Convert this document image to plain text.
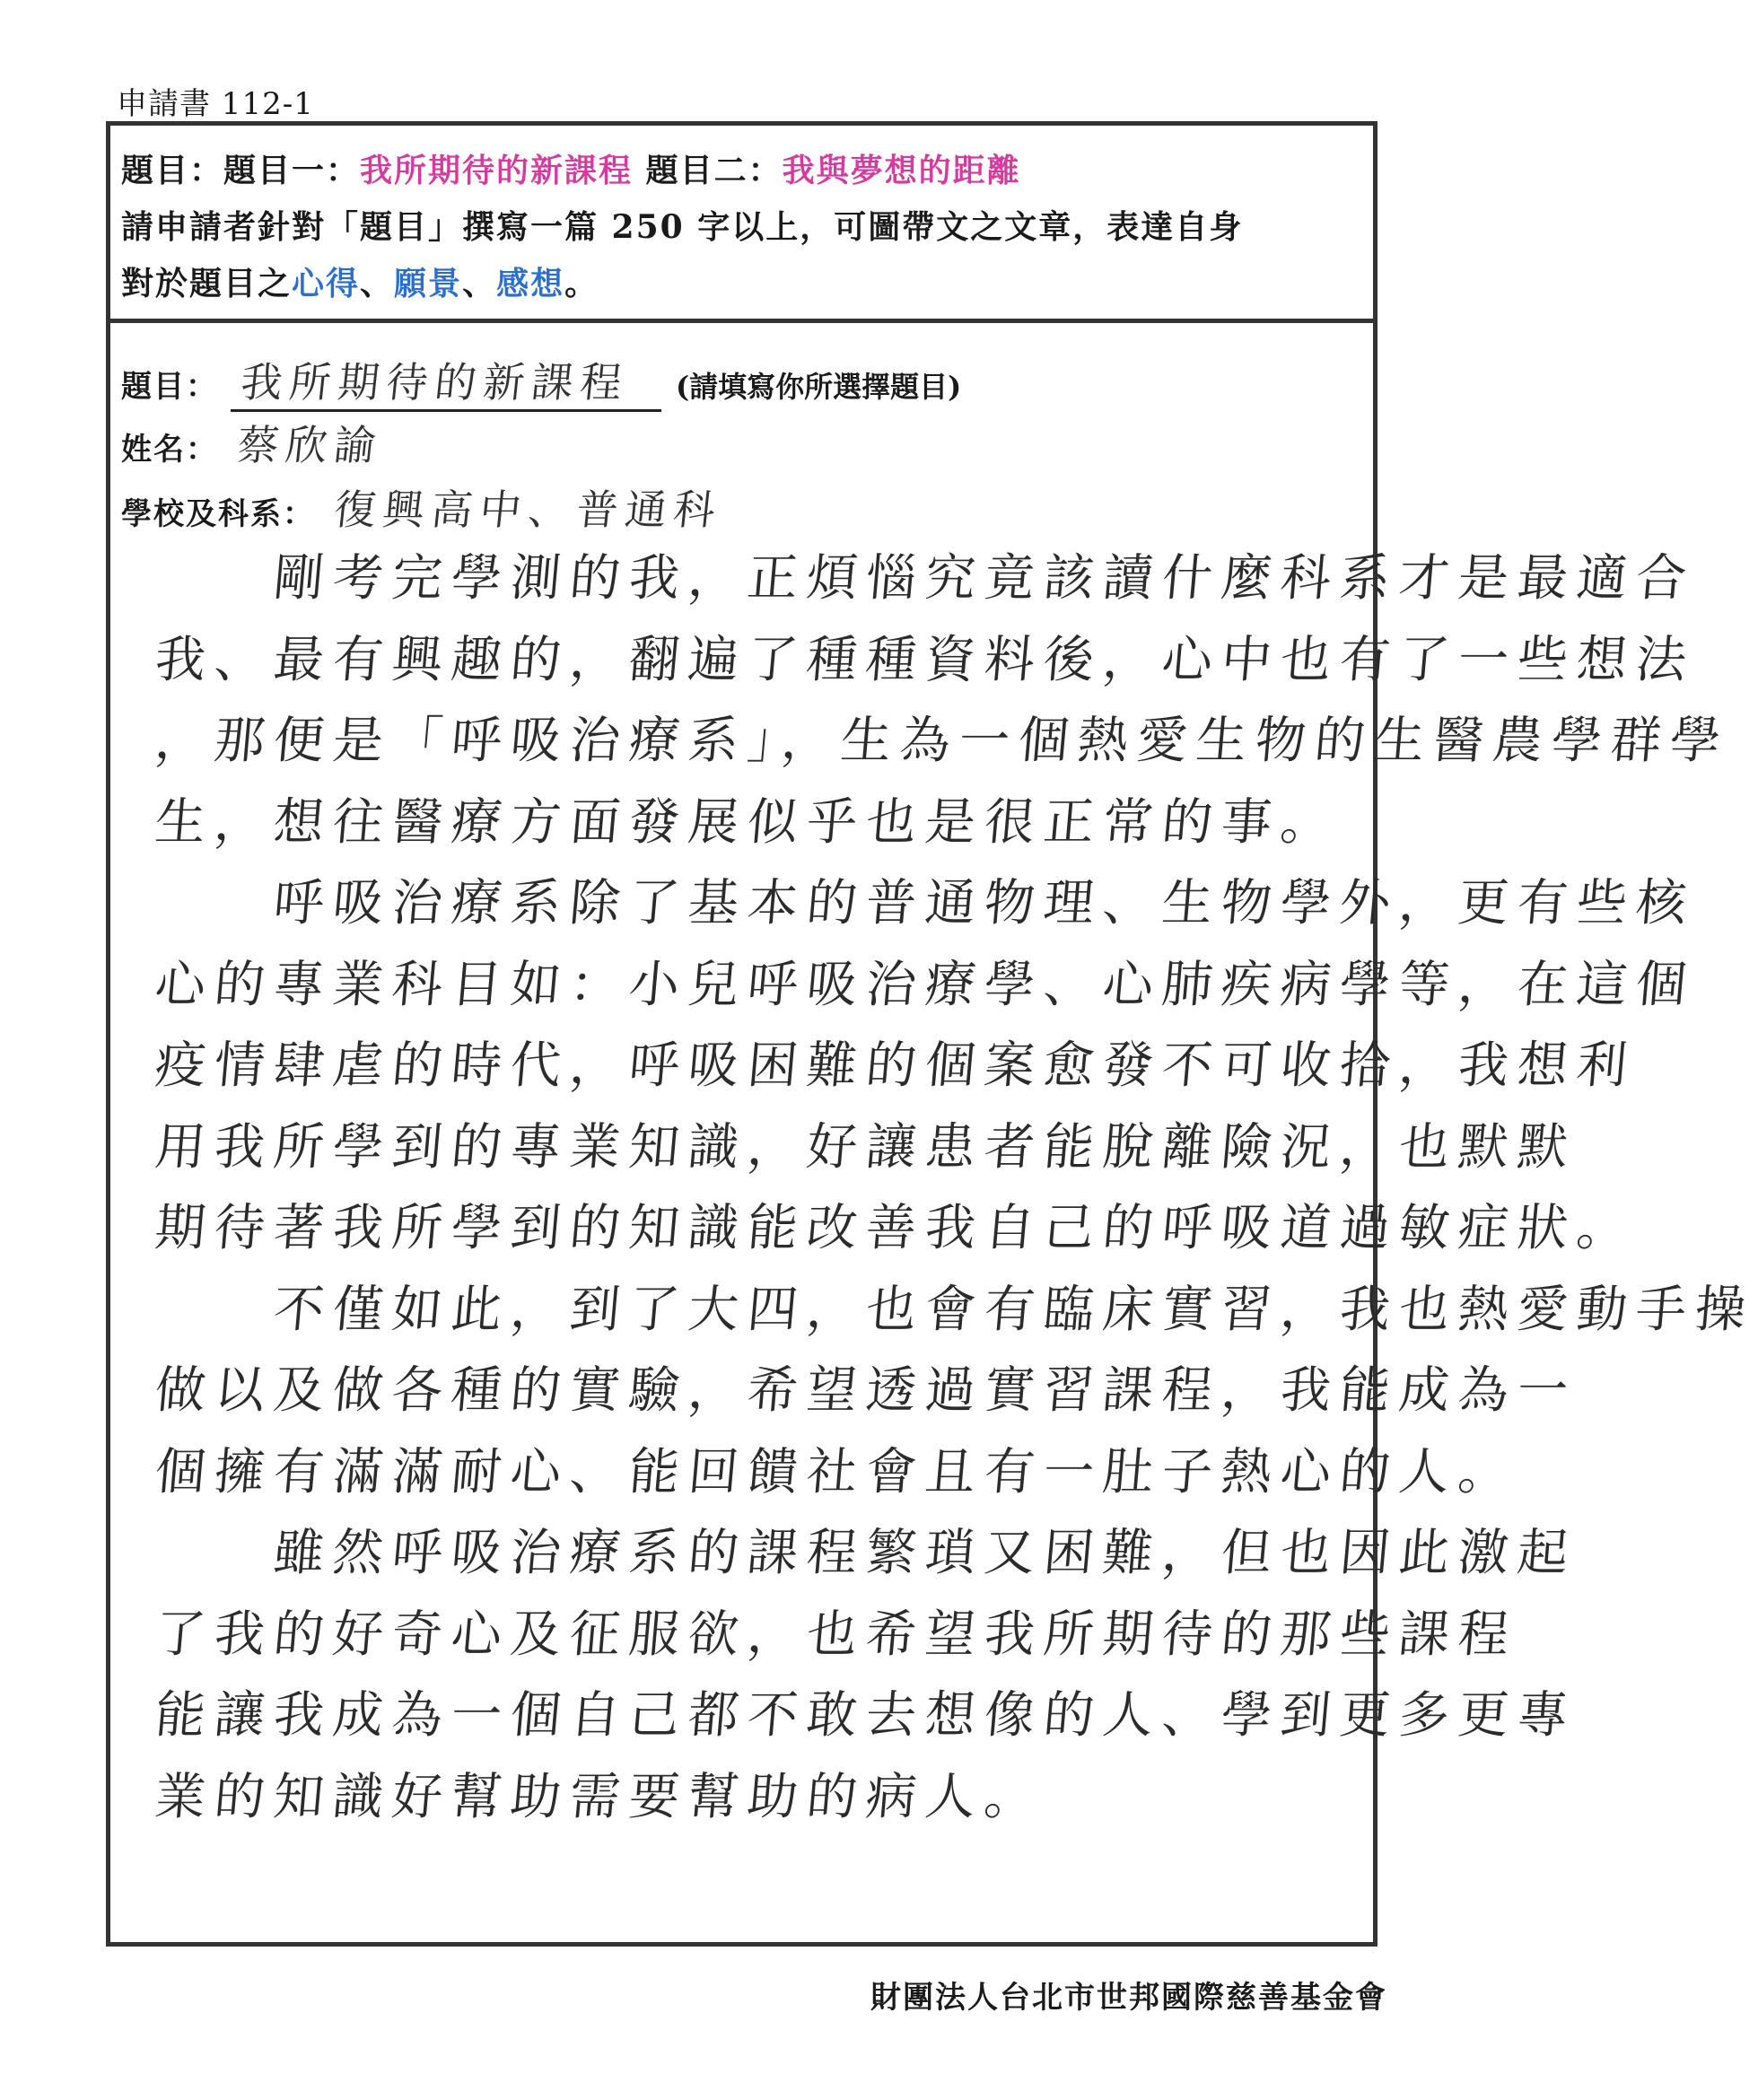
申請書 112-1
題目：題目一：我所期待的新課程 題目二：我與夢想的距離
請申請者針對「題目」撰寫一篇 250 字以上，可圖帶文之文章，表達自身
對於題目之心得、願景、感想。
題目： 我所期待的新課程	(請填寫你所選擇題目)
姓名： 蔡欣諭
學校及科系： 復興高中、普通科
　　剛考完學測的我，正煩惱究竟該讀什麼科系才是最適合
我、最有興趣的，翻遍了種種資料後，心中也有了一些想法
，那便是「呼吸治療系」，生為一個熱愛生物的生醫農學群學
生，想往醫療方面發展似乎也是很正常的事。
　　呼吸治療系除了基本的普通物理、生物學外，更有些核
心的專業科目如：小兒呼吸治療學、心肺疾病學等，在這個
疫情肆虐的時代，呼吸困難的個案愈發不可收拾，我想利
用我所學到的專業知識，好讓患者能脫離險況，也默默
期待著我所學到的知識能改善我自己的呼吸道過敏症狀。
　　不僅如此，到了大四，也會有臨床實習，我也熱愛動手操
做以及做各種的實驗，希望透過實習課程，我能成為一
個擁有滿滿耐心、能回饋社會且有一肚子熱心的人。
　　雖然呼吸治療系的課程繁瑣又困難，但也因此激起
了我的好奇心及征服欲，也希望我所期待的那些課程
能讓我成為一個自己都不敢去想像的人、學到更多更專
業的知識好幫助需要幫助的病人。
財團法人台北市世邦國際慈善基金會
